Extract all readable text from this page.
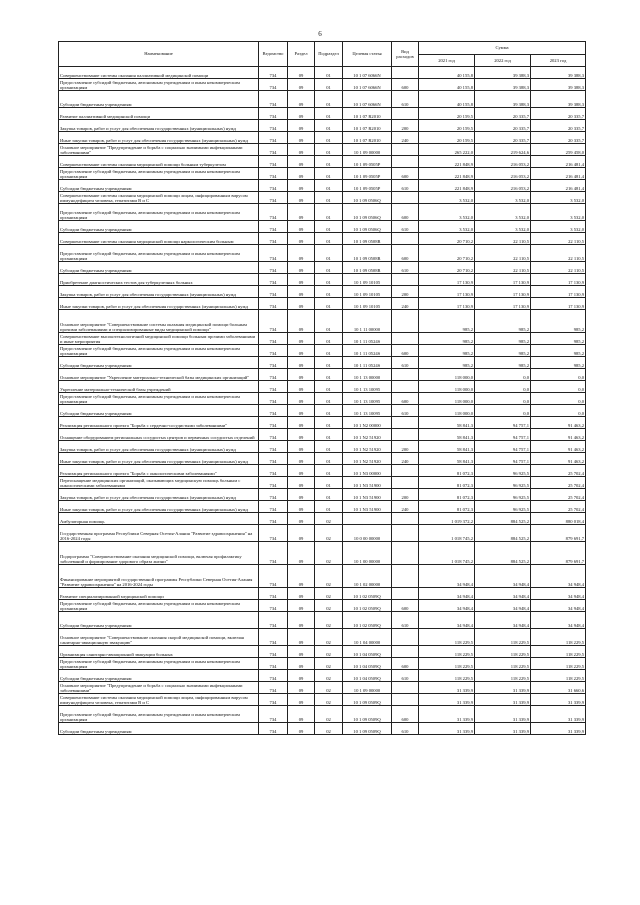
6
Наименование	Ведомство	Раздел	Подраздел	Целевая статья	Вид расходов	Сумма		
						2021 год	2022 год	2023 год
Совершенствование системы оказания паллиативной медицинской помощи	734	09	01	10 1 07 6066N		40 155,8	39 388,3	39 388,3
Предоставление субсидий бюджетным, автономным учреждениям и иным некоммерческим организациям	734	09	01	10 1 07 6066N	600	40 155,8	39 388,3	39 388,3
Субсидии бюджетным учреждениям	734	09	01	10 1 07 6066N	610	40 155,8	39 388,3	39 388,3
Развитие паллиативной медицинской помощи	734	09	01	10 1 07 R2010		20 159,5	20 335,7	20 335,7
Закупка товаров, работ и услуг для обеспечения государственных (муниципальных) нужд	734	09	01	10 1 07 R2010	200	20 159,5	20 335,7	20 335,7
Иные закупки товаров, работ и услуг для обеспечения государственных (муниципальных) нужд	734	09	01	10 1 07 R2010	240	20 159,5	20 335,7	20 335,7
Основное мероприятие "Предупреждение и борьба с социально значимыми инфекционными заболеваниями"	734	09	01	10 1 09 00000		265 222,0	219 624,6	259 458,0
Совершенствование системы оказания медицинской помощи больным туберкулезом	734	09	01	10 1 09 0505P		221 848,9	216 053,2	216 481,4
Предоставление субсидий бюджетным, автономным учреждениям и иным некоммерческим организациям	734	09	01	10 1 09 0505P	600	221 848,9	216 053,2	216 481,4
Субсидии бюджетным учреждениям	734	09	01	10 1 09 0505P	610	221 848,9	216 053,2	216 481,4
Совершенствование системы оказания медицинской помощи лицам, инфицированным вирусом иммунодефицита человека, гепатитами B и C	734	09	01	10 1 09 0506Q		3 532,0	3 532,0	3 532,0
Предоставление субсидий бюджетным, автономным учреждениям и иным некоммерческим организациям	734	09	01	10 1 09 0506Q	600	3 532,0	3 532,0	3 532,0
Субсидии бюджетным учреждениям	734	09	01	10 1 09 0506Q	610	3 532,0	3 532,0	3 532,0
Совершенствование системы оказания медицинской помощи наркологическим больным	734	09	01	10 1 09 0508R		20 710,2	22 110,5	22 110,5
Предоставление субсидий бюджетным, автономным учреждениям и иным некоммерческим организациям	734	09	01	10 1 09 0508R	600	20 710,2	22 110,5	22 110,5
Субсидии бюджетным учреждениям	734	09	01	10 1 09 0508R	610	20 710,2	22 110,5	22 110,5
Приобретение диагностических тестов для туберкулезных больных	734	09	01	10 1 09 10105		17 130,9	17 130,9	17 130,9
Закупка товаров, работ и услуг для обеспечения государственных (муниципальных) нужд	734	09	01	10 1 09 10105	200	17 130,9	17 130,9	17 130,9
Иные закупки товаров, работ и услуг для обеспечения государственных (муниципальных) нужд	734	09	01	10 1 09 10105	240	17 130,9	17 130,9	17 130,9
Основное мероприятие "Совершенствование системы оказания медицинской помощи больным прочими заболеваниями и специализированные виды медицинской помощи"	734	09	01	10 1 11 00000		985,2	985,2	985,2
Совершенствование высокотехнологичной медицинской помощи больным прочими заболеваниями и иные мероприятия	734	09	01	10 1 11 0524S		985,2	985,2	985,2
Предоставление субсидий бюджетным, автономным учреждениям и иным некоммерческим организациям	734	09	01	10 1 11 0524S	600	985,2	985,2	985,2
Субсидии бюджетным учреждениям	734	09	01	10 1 11 0524S	610	985,2	985,2	985,2
Основное мероприятие "Укрепление материально-технической базы медицинских организаций"	734	09	01	10 1 13 00000		118 000,0	0,0	0,0
Укрепление материально-технической базы учреждений	734	09	01	10 1 13 10095		118 000,0	0,0	0,0
Предоставление субсидий бюджетным, автономным учреждениям и иным некоммерческим организациям	734	09	01	10 1 13 10095	600	118 000,0	0,0	0,0
Субсидии бюджетным учреждениям	734	09	01	10 1 13 10095	610	118 000,0	0,0	0,0
Реализация регионального проекта "Борьба с сердечно-сосудистыми заболеваниями"	734	09	01	10 1 N2 00000		58 841,3	94 757,1	91 463,2
Оснащение оборудованием региональных сосудистых центров и первичных сосудистых отделений	734	09	01	10 1 N2 51920		58 841,3	94 757,1	91 463,2
Закупка товаров, работ и услуг для обеспечения государственных (муниципальных) нужд	734	09	01	10 1 N2 51920	200	58 841,3	94 757,1	91 463,2
Иные закупки товаров, работ и услуг для обеспечения государственных (муниципальных) нужд	734	09	01	10 1 N2 51920	240	58 841,3	94 757,1	91 463,2
Реализация регионального проекта "Борьба с онкологическими заболеваниями"	734	09	01	10 1 N3 00000		81 072,3	96 925,5	25 702,4
Переоснащение медицинских организаций, оказывающих медицинскую помощь больным с онкологическими заболеваниями	734	09	01	10 1 N3 51900		81 072,3	96 925,5	25 702,4
Закупка товаров, работ и услуг для обеспечения государственных (муниципальных) нужд	734	09	01	10 1 N3 51900	200	81 072,3	96 925,5	25 702,4
Иные закупки товаров, работ и услуг для обеспечения государственных (муниципальных) нужд	734	09	01	10 1 N3 51900	240	81 072,3	96 925,5	25 702,4
Амбулаторная помощь	734	09	02			1 019 372,2	884 525,2	880 018,4
Государственная программа Республики Северная Осетия-Алания "Развитие здравоохранения" на 2016-2024 годы	734	09	02	10 0 00 00000		1 018 745,2	884 525,2	879 691,7
Подпрограмма "Совершенствование оказания медицинской помощи, включая профилактику заболеваний и формирование здорового образа жизни"	734	09	02	10 1 00 00000		1 018 745,2	884 525,2	879 691,7
Финансирование мероприятий государственной программы Республики Северная Осетия-Алания "Развитие здравоохранения" на 2016-2024 годы	734	09	02	10 1 02 00000		34 948,4	34 948,4	34 948,4
Развитие специализированной медицинской помощи	734	09	02	10 1 02 0509Q		34 948,4	34 948,4	34 948,4
Предоставление субсидий бюджетным, автономным учреждениям и иным некоммерческим организациям	734	09	02	10 1 02 0509Q	600	34 948,4	34 948,4	34 948,4
Субсидии бюджетным учреждениям	734	09	02	10 1 02 0509Q	610	34 948,4	34 948,4	34 948,4
Основное мероприятие "Совершенствование оказания скорой медицинской помощи, включая санитарно-авиационную эвакуацию"	734	09	02	10 1 04 00000		118 229,5	118 229,5	118 229,5
Организация санитарно-авиационной эвакуации больных	734	09	02	10 1 04 0509Q		118 229,5	118 229,5	118 229,5
Предоставление субсидий бюджетным, автономным учреждениям и иным некоммерческим организациям	734	09	02	10 1 04 0509Q	600	118 229,5	118 229,5	118 229,5
Субсидии бюджетным учреждениям	734	09	02	10 1 04 0509Q	610	118 229,5	118 229,5	118 229,5
Основное мероприятие "Предупреждение и борьба с социально значимыми инфекционными заболеваниями"	734	09	02	10 1 09 00000		31 339,9	31 339,9	31 660,6
Совершенствование системы оказания медицинской помощи лицам, инфицированным вирусом иммунодефицита человека, гепатитами B и C	734	09	02	10 1 09 0509Q		31 339,9	31 339,9	31 339,9
Предоставление субсидий бюджетным, автономным учреждениям и иным некоммерческим организациям	734	09	02	10 1 09 0509Q	600	31 339,9	31 339,9	31 339,9
Субсидии бюджетным учреждениям	734	09	02	10 1 09 0509Q	610	31 339,9	31 339,9	31 339,9
